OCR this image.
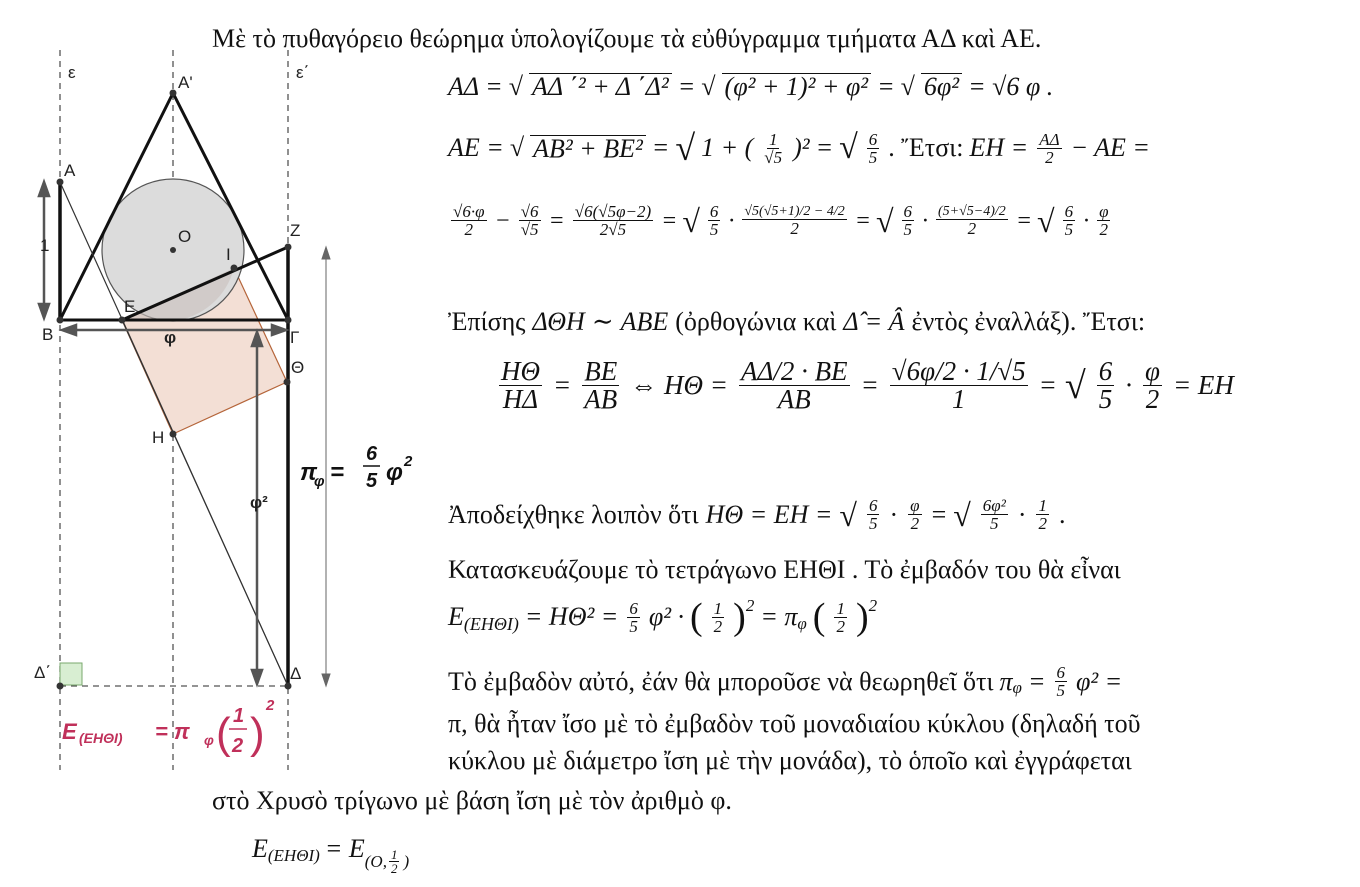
ε	ε΄
Α'
Α
Ο
Ι
Ζ
Ε
Β	Γ
Θ
Η
Δ΄	Δ
1
φ
φ²
π
φ =
6
5 φ 2
Ε (ΕΗΘΙ) = π φ ( 1
2 )
2
Μὲ τὸ πυθαγόρειο θεώρημα ὑπολογίζουμε τὰ εὐθύγραμμα τμήματα ΑΔ καὶ ΑΕ.
ΑΔ = √ ΑΔ ΄² + Δ ΄Δ² = √ (φ² + 1)² + φ² = √ 6φ² = √6 φ .
ΑΕ = √ ΑΒ² + ΒΕ² = √ 1 + ( $\frac{1}{√5} )^2$ = √ $\frac{6}{5}$ . Ἔτσι: $EH = \frac{A\Delta}{2} - AE$ =
$\frac{√6\cdot\varphi}{2} - \frac{√6}{√5} = \frac{√6(√5\varphi-2)}{2√5}$ = √ $\frac{6}{5} \cdot \frac{√5(√5+1)/2 - 4/2}{2}$ = √ $\frac{6}{5} \cdot \frac{(5+√5-4)/2}{2}$ = √ $\frac{6}{5} \cdot \frac{\varphi}{2}$
Ἐπίσης ΔΘΗ ∼ ΑΒΕ (ὀρθογώνια καὶ Δ̂ = Â ἐντὸς ἐναλλάξ). Ἔτσι:
$\frac{H\Theta}{H\Delta} = \frac{BE}{AB}$ ⇔ $H\Theta = \frac{A\Delta/2 \cdot BE}{AB} = \frac{√6\varphi/2 \cdot 1/√5}{1}$ = √ $\frac{6}{5} \cdot \frac{\varphi}{2} = EH$
Ἀποδείχθηκε λοιπὸν ὅτι ΗΘ = ΕΗ = √ $\frac{6}{5} \cdot \frac{\varphi}{2}$ = √ $\frac{\text{6φ²}}{5} \cdot \frac{1}{2}$ .
Κατασκευάζουμε τὸ τετράγωνο ΕΗΘΙ . Τὸ ἐμβαδόν του θὰ εἶναι
Ε $(EH\Theta I) = H\Theta^2 = \frac{6}{5} \varphi^2$ · ( $\frac{1}{2}$ ) 2 = π φ ( $\frac{1}{2}$ ) 2
Τὸ ἐμβαδὸν αὐτό, ἐάν θὰ μποροῦσε νὰ θεωρηθεῖ ὅτι π $\varphi = \frac{6}{5} \varphi^2$ =
π, θὰ ἦταν ἴσο μὲ τὸ ἐμβαδὸν τοῦ μοναδιαίου κύκλου (δηλαδή τοῦ
κύκλου μὲ διάμετρο ἴση μὲ τὴν μονάδα), τὸ ὁποῖο καὶ ἐγγράφεται
στὸ Χρυσὸ τρίγωνο μὲ βάση ἴση μὲ τὸν ἀριθμὸ φ.
Ε (ΕΗΘΙ) = Ε (Ο, $\frac{1}{2}$ )
